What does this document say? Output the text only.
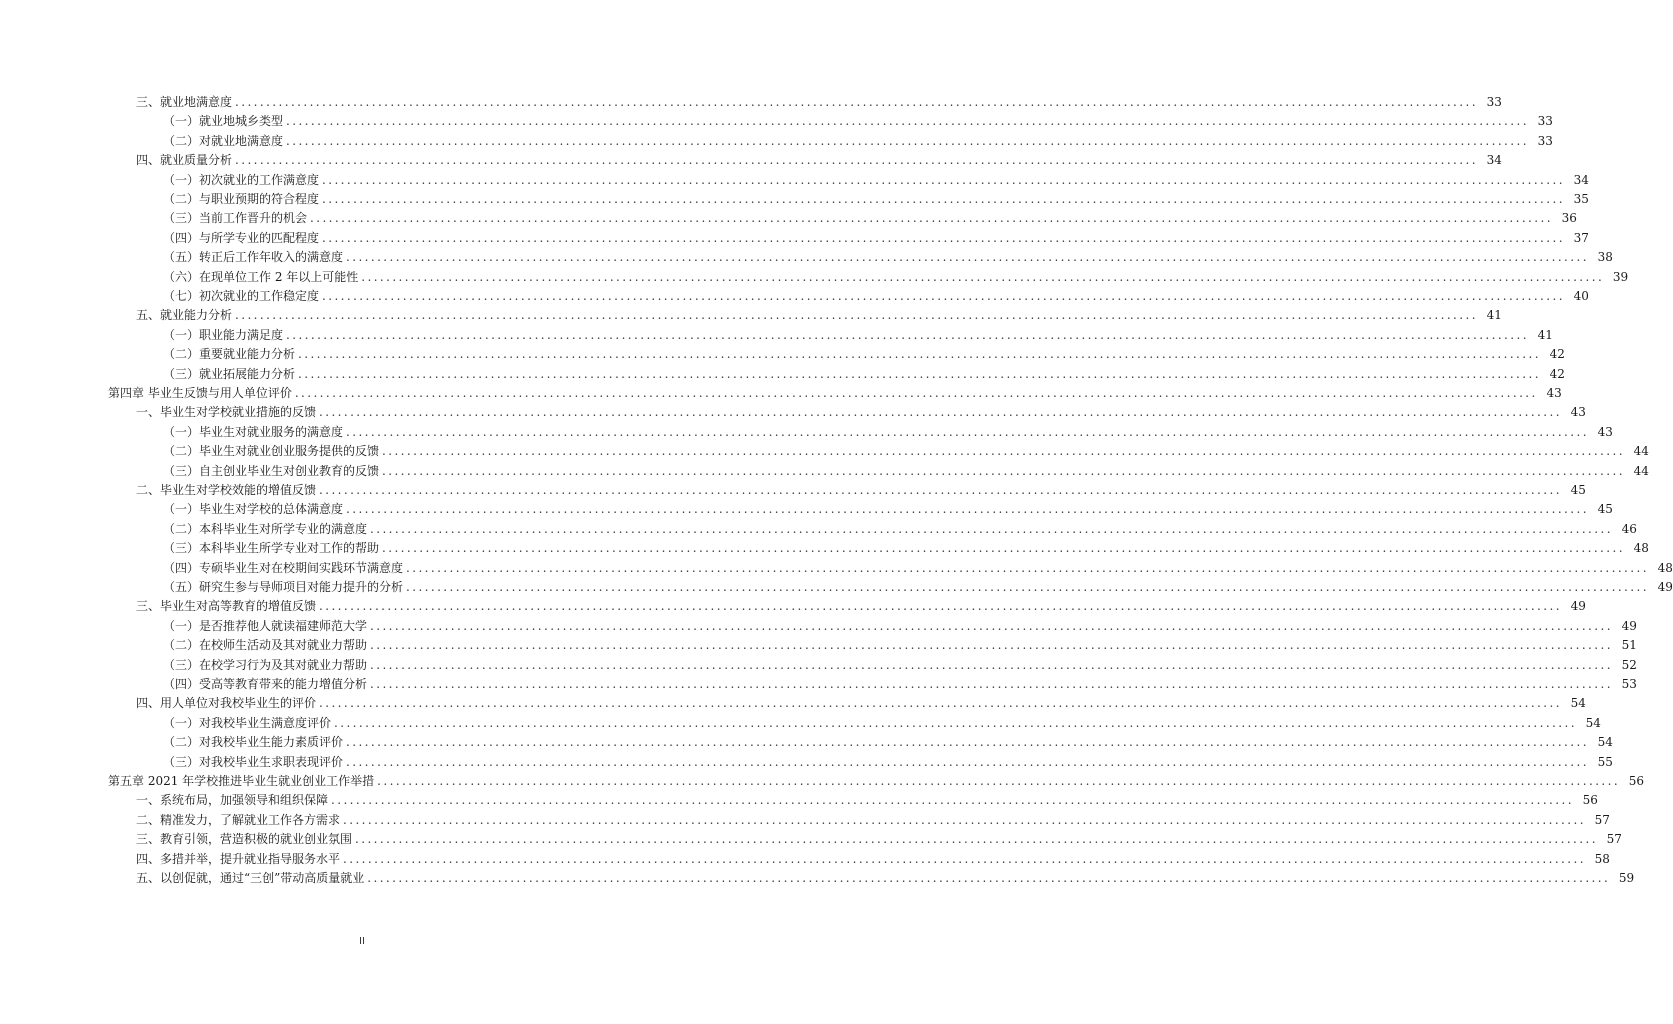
三、就业地满意度 ........................................................................................................................................................................................................ 33
（一）就业地城乡类型 ........................................................................................................................................................................................................ 33
（二）对就业地满意度 ........................................................................................................................................................................................................ 33
四、就业质量分析 ........................................................................................................................................................................................................ 34
（一）初次就业的工作满意度 ........................................................................................................................................................................................................ 34
（二）与职业预期的符合程度 ........................................................................................................................................................................................................ 35
（三）当前工作晋升的机会 ........................................................................................................................................................................................................ 36
（四）与所学专业的匹配程度 ........................................................................................................................................................................................................ 37
（五）转正后工作年收入的满意度 ........................................................................................................................................................................................................ 38
（六）在现单位工作 2 年以上可能性 ........................................................................................................................................................................................................ 39
（七）初次就业的工作稳定度 ........................................................................................................................................................................................................ 40
五、就业能力分析 ........................................................................................................................................................................................................ 41
（一）职业能力满足度 ........................................................................................................................................................................................................ 41
（二）重要就业能力分析 ........................................................................................................................................................................................................ 42
（三）就业拓展能力分析 ........................................................................................................................................................................................................ 42
第四章 毕业生反馈与用人单位评价 ........................................................................................................................................................................................................ 43
一、毕业生对学校就业措施的反馈 ........................................................................................................................................................................................................ 43
（一）毕业生对就业服务的满意度 ........................................................................................................................................................................................................ 43
（二）毕业生对就业创业服务提供的反馈 ........................................................................................................................................................................................................ 44
（三）自主创业毕业生对创业教育的反馈 ........................................................................................................................................................................................................ 44
二、毕业生对学校效能的增值反馈 ........................................................................................................................................................................................................ 45
（一）毕业生对学校的总体满意度 ........................................................................................................................................................................................................ 45
（二）本科毕业生对所学专业的满意度 ........................................................................................................................................................................................................ 46
（三）本科毕业生所学专业对工作的帮助 ........................................................................................................................................................................................................ 48
（四）专硕毕业生对在校期间实践环节满意度 ........................................................................................................................................................................................................ 48
（五）研究生参与导师项目对能力提升的分析 ........................................................................................................................................................................................................ 49
三、毕业生对高等教育的增值反馈 ........................................................................................................................................................................................................ 49
（一）是否推荐他人就读福建师范大学 ........................................................................................................................................................................................................ 49
（二）在校师生活动及其对就业力帮助 ........................................................................................................................................................................................................ 51
（三）在校学习行为及其对就业力帮助 ........................................................................................................................................................................................................ 52
（四）受高等教育带来的能力增值分析 ........................................................................................................................................................................................................ 53
四、用人单位对我校毕业生的评价 ........................................................................................................................................................................................................ 54
（一）对我校毕业生满意度评价 ........................................................................................................................................................................................................ 54
（二）对我校毕业生能力素质评价 ........................................................................................................................................................................................................ 54
（三）对我校毕业生求职表现评价 ........................................................................................................................................................................................................ 55
第五章 2021 年学校推进毕业生就业创业工作举措 ........................................................................................................................................................................................................ 56
一、系统布局，加强领导和组织保障 ........................................................................................................................................................................................................ 56
二、精准发力，了解就业工作各方需求 ........................................................................................................................................................................................................ 57
三、教育引领，营造积极的就业创业氛围 ........................................................................................................................................................................................................ 57
四、多措并举，提升就业指导服务水平 ........................................................................................................................................................................................................ 58
五、以创促就，通过“三创”带动高质量就业 ........................................................................................................................................................................................................ 59
II
